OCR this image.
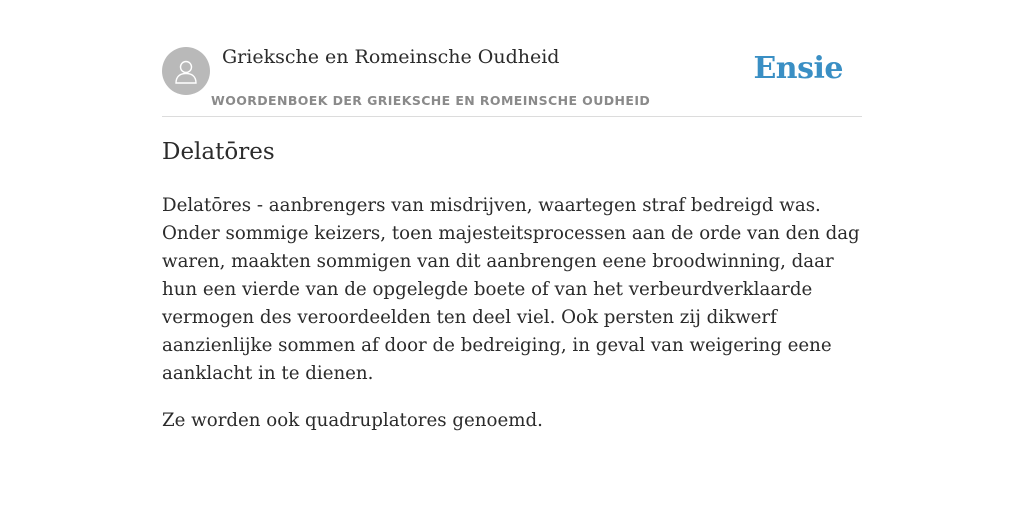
Grieksche en Romeinsche Oudheid
WOORDENBOEK DER GRIEKSCHE EN ROMEINSCHE OUDHEID
Ensie
Delatōres

Delatōres - aanbrengers van misdrijven, waartegen straf bedreigd was. Onder sommige keizers, toen majesteitsprocessen aan de orde van den dag waren, maakten sommigen van dit aanbrengen eene broodwinning, daar hun een vierde van de opgelegde boete of van het verbeurdverklaarde vermogen des veroordeelden ten deel viel. Ook persten zij dikwerf aanzienlijke sommen af door de bedreiging, in geval van weigering eene aanklacht in te dienen.

Ze worden ook quadruplatores genoemd.
